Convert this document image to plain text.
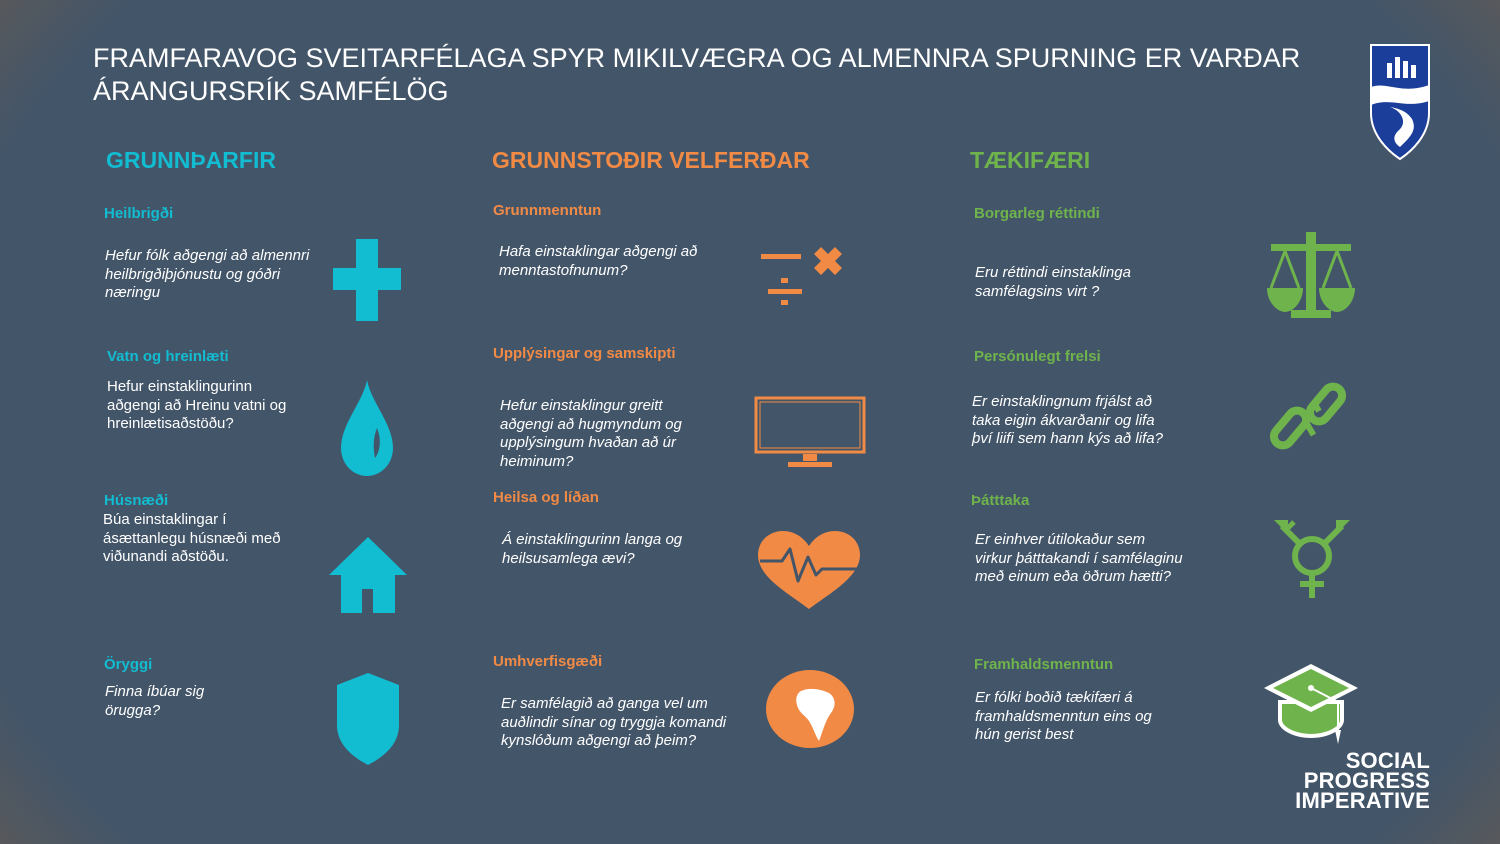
FRAMFARAVOG SVEITARFÉLAGA SPYR MIKILVÆGRA OG ALMENNRA SPURNING ER VARÐAR ÁRANGURSRÍK SAMFÉLÖG
GRUNNÞARFIR	GRUNNSTOÐIR VELFERÐAR	TÆKIFÆRI

Heilbrigði

Hefur fólk aðgengi að almennri heilbrigðiþjónustu og góðri næringu

Vatn og hreinlæti

Hefur einstaklingurinn aðgengi að Hreinu vatni og hreinlætisaðstöðu?

Húsnæði

Búa einstaklingar í ásættanlegu húsnæði með viðunandi aðstöðu.

Öryggi

Finna íbúar sig örugga?

Grunnmenntun

Hafa einstaklingar aðgengi að menntastofnunum?

Upplýsingar og samskipti

Hefur einstaklingur greitt aðgengi að hugmyndum og upplýsingum hvaðan að úr heiminum?

Heilsa og líðan

Á einstaklingurinn langa og heilsusamlega ævi?

Umhverfisgæði

Er samfélagið að ganga vel um auðlindir sínar og tryggja komandi kynslóðum aðgengi að þeim?

Borgarleg réttindi

Eru réttindi einstaklinga samfélagsins virt ?

Persónulegt frelsi

Er einstaklingnum frjálst að taka eigin ákvarðanir og lifa því liifi sem hann kýs að lifa?

Þátttaka

Er einhver útilokaður sem virkur þátttakandi í samfélaginu með einum eða öðrum hætti?

Framhaldsmenntun

Er fólki boðið tækifæri á framhaldsmenntun eins og hún gerist best

SOCIAL
PROGRESS
IMPERATIVE
